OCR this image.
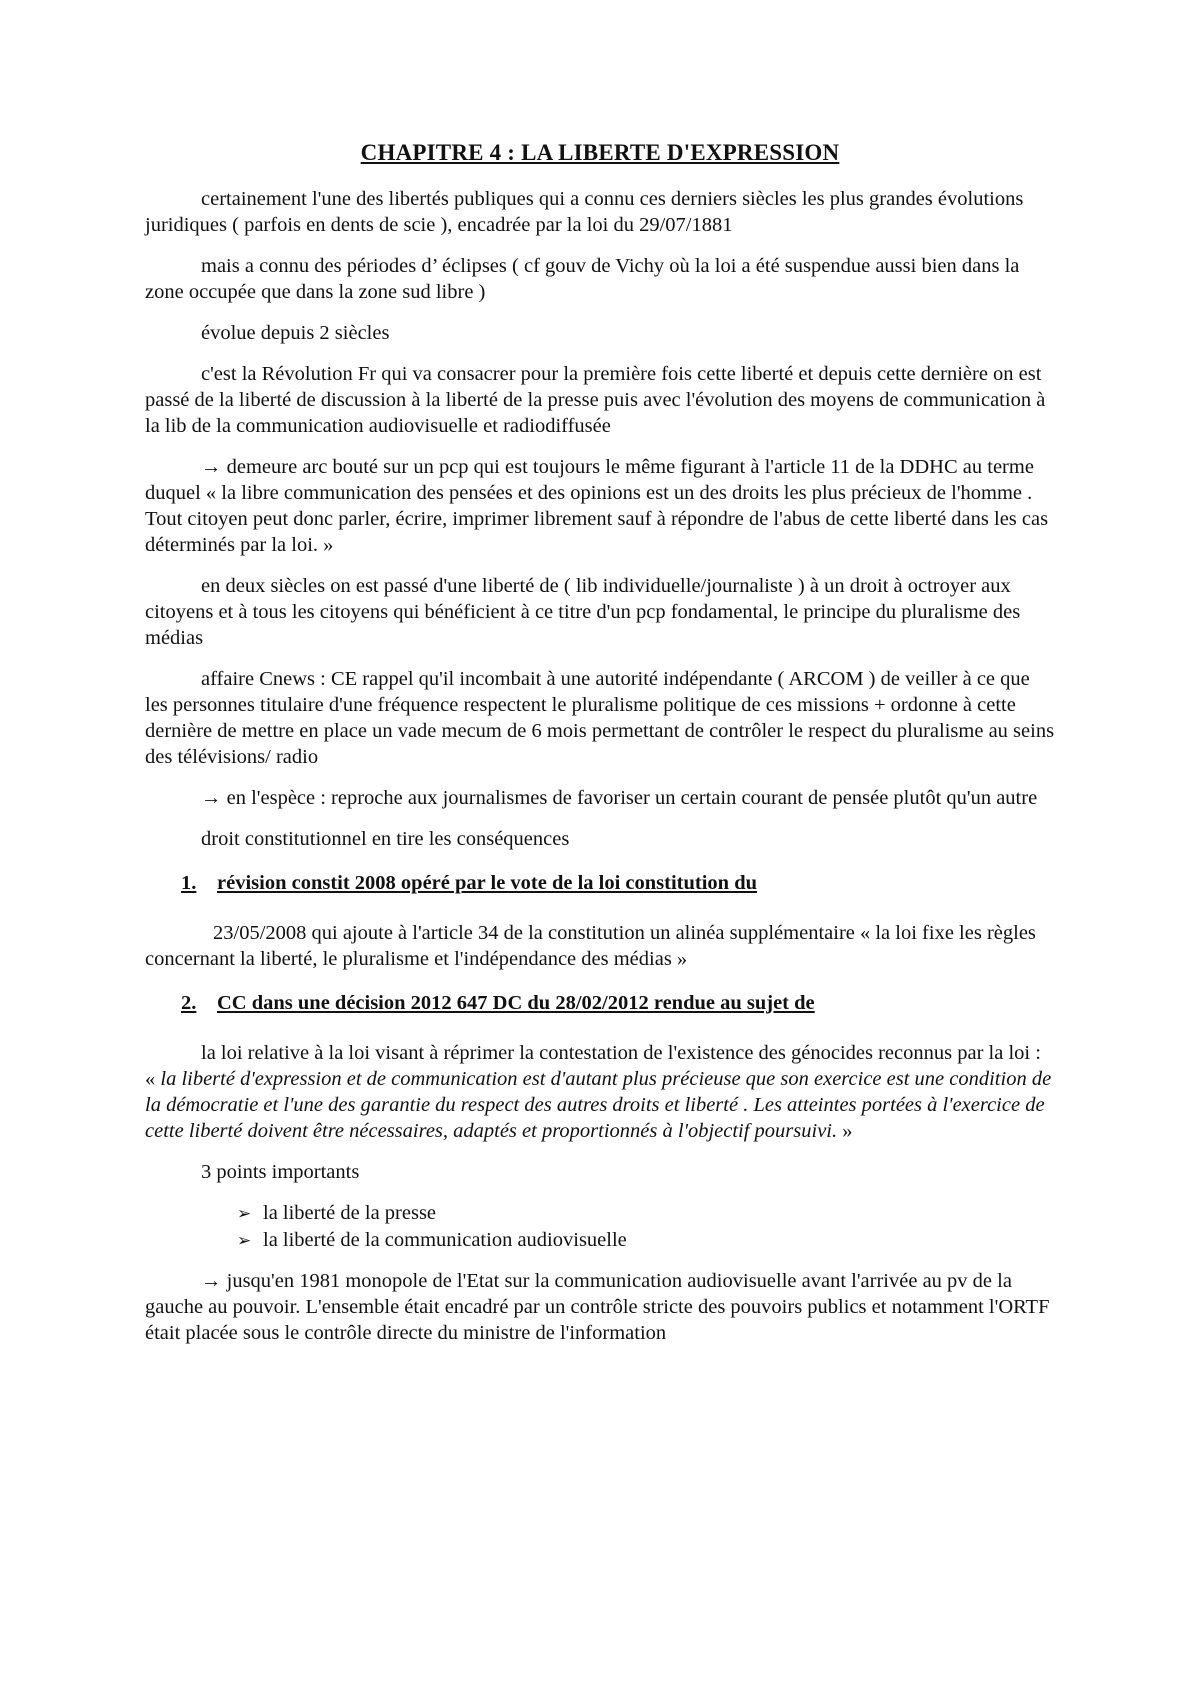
CHAPITRE 4 : LA LIBERTE D'EXPRESSION

certainement l'une des libertés publiques qui a connu ces derniers siècles les plus grandes évolutions juridiques ( parfois en dents de scie ), encadrée par la loi du 29/07/1881

mais a connu des périodes d’ éclipses ( cf gouv de Vichy où la loi a été suspendue aussi bien dans la zone occupée que dans la zone sud libre )

évolue depuis 2 siècles

c'est la Révolution Fr qui va consacrer pour la première fois cette liberté et depuis cette dernière on est passé de la liberté de discussion à la liberté de la presse puis avec l'évolution des moyens de communication à la lib de la communication audiovisuelle et radiodiffusée

→ demeure arc bouté sur un pcp qui est toujours le même figurant à l'article 11 de la DDHC au terme duquel « la libre communication des pensées et des opinions est un des droits les plus précieux de l'homme . Tout citoyen peut donc parler, écrire, imprimer librement sauf à répondre de l'abus de cette liberté dans les cas déterminés par la loi. »

en deux siècles on est passé d'une liberté de ( lib individuelle/journaliste ) à un droit à octroyer aux citoyens et à tous les citoyens qui bénéficient à ce titre d'un pcp fondamental, le principe du pluralisme des médias

affaire Cnews : CE rappel qu'il incombait à une autorité indépendante ( ARCOM ) de veiller à ce que les personnes titulaire d'une fréquence respectent le pluralisme politique de ces missions + ordonne à cette dernière de mettre en place un vade mecum de 6 mois permettant de contrôler le respect du pluralisme au seins des télévisions/ radio

→ en l'espèce : reproche aux journalismes de favoriser un certain courant de pensée plutôt qu'un autre

droit constitutionnel en tire les conséquences

1.	révision constit 2008 opéré par le vote de la loi constitution du

23/05/2008 qui ajoute à l'article 34 de la constitution un alinéa supplémentaire « la loi fixe les règles concernant la liberté, le pluralisme et l'indépendance des médias »

2.	CC dans une décision 2012 647 DC du 28/02/2012 rendue au sujet de

la loi relative à la loi visant à réprimer la contestation de l'existence des génocides reconnus par la loi : « la liberté d'expression et de communication est d'autant plus précieuse que son exercice est une condition de la démocratie et l'une des garantie du respect des autres droits et liberté . Les atteintes portées à l'exercice de cette liberté doivent être nécessaires, adaptés et proportionnés à l'objectif poursuivi. »

3 points importants

➢ la liberté de la presse
➢ la liberté de la communication audiovisuelle

→ jusqu'en 1981 monopole de l'Etat sur la communication audiovisuelle avant l'arrivée au pv de la gauche au pouvoir. L'ensemble était encadré par un contrôle stricte des pouvoirs publics et notamment l'ORTF était placée sous le contrôle directe du ministre de l'information
